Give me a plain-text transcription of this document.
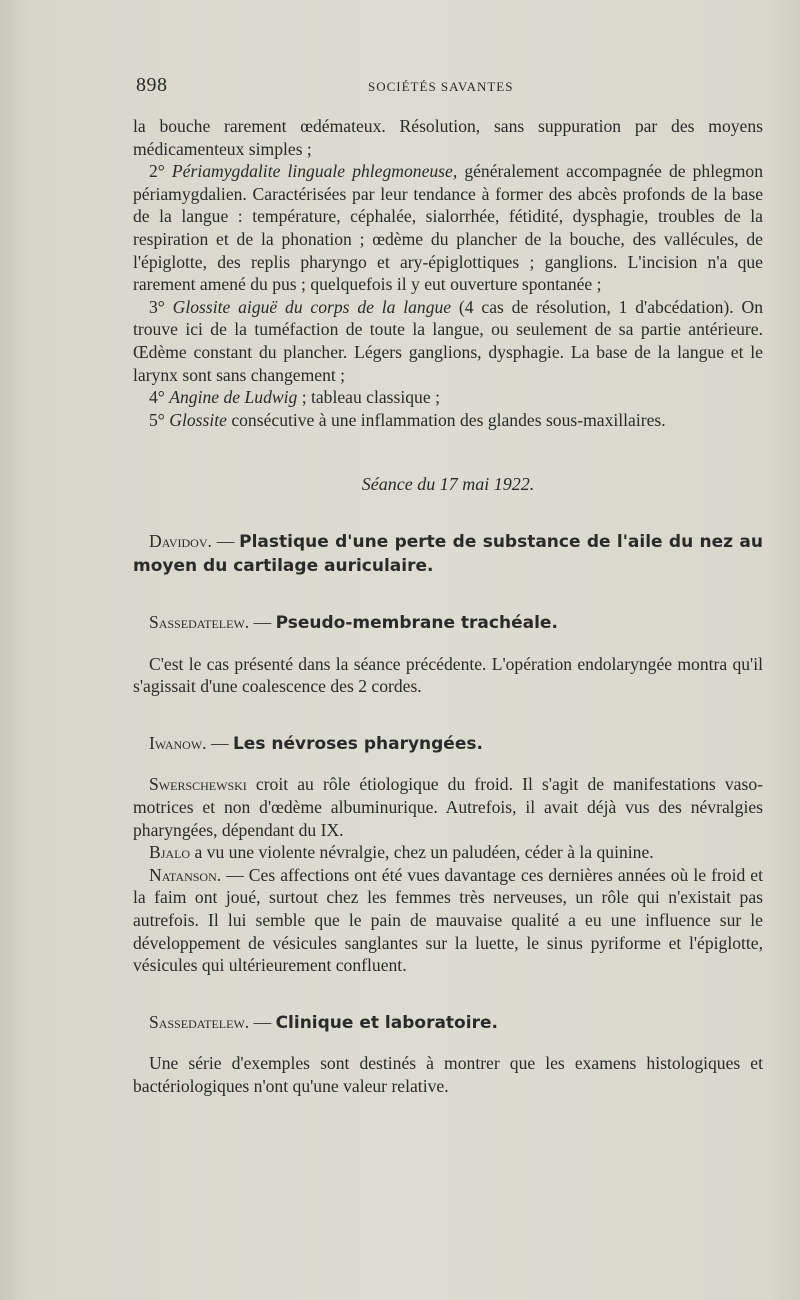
898	SOCIÉTÉS SAVANTES

la bouche rarement œdémateux. Résolution, sans suppuration par des moyens médicamenteux simples ;

2° Périamygdalite linguale phlegmoneuse, généralement accompagnée de phlegmon périamygdalien. Caractérisées par leur tendance à former des abcès profonds de la base de la langue : température, céphalée, sialorrhée, fétidité, dysphagie, troubles de la respiration et de la phonation ; œdème du plancher de la bouche, des vallécules, de l'épiglotte, des replis pharyngo et ary-épiglottiques ; ganglions. L'incision n'a que rarement amené du pus ; quelquefois il y eut ouverture spontanée ;

3° Glossite aiguë du corps de la langue (4 cas de résolution, 1 d'abcédation). On trouve ici de la tuméfaction de toute la langue, ou seulement de sa partie antérieure. Œdème constant du plancher. Légers ganglions, dysphagie. La base de la langue et le larynx sont sans changement ;

4° Angine de Ludwig ; tableau classique ;

5° Glossite consécutive à une inflammation des glandes sous-maxillaires.

Séance du 17 mai 1922.

Davidov. — Plastique d'une perte de substance de l'aile du nez au moyen du cartilage auriculaire.

Sassedatelew. — Pseudo-membrane trachéale.

C'est le cas présenté dans la séance précédente. L'opération endolaryngée montra qu'il s'agissait d'une coalescence des 2 cordes.

Iwanow. — Les névroses pharyngées.

Swerschewski croit au rôle étiologique du froid. Il s'agit de manifestations vaso-motrices et non d'œdème albuminurique. Autrefois, il avait déjà vus des névralgies pharyngées, dépendant du IX.

Bjalo a vu une violente névralgie, chez un paludéen, céder à la quinine.

Natanson. — Ces affections ont été vues davantage ces dernières années où le froid et la faim ont joué, surtout chez les femmes très nerveuses, un rôle qui n'existait pas autrefois. Il lui semble que le pain de mauvaise qualité a eu une influence sur le développement de vésicules sanglantes sur la luette, le sinus pyriforme et l'épiglotte, vésicules qui ultérieurement confluent.

Sassedatelew. — Clinique et laboratoire.

Une série d'exemples sont destinés à montrer que les examens histologiques et bactériologiques n'ont qu'une valeur relative.
